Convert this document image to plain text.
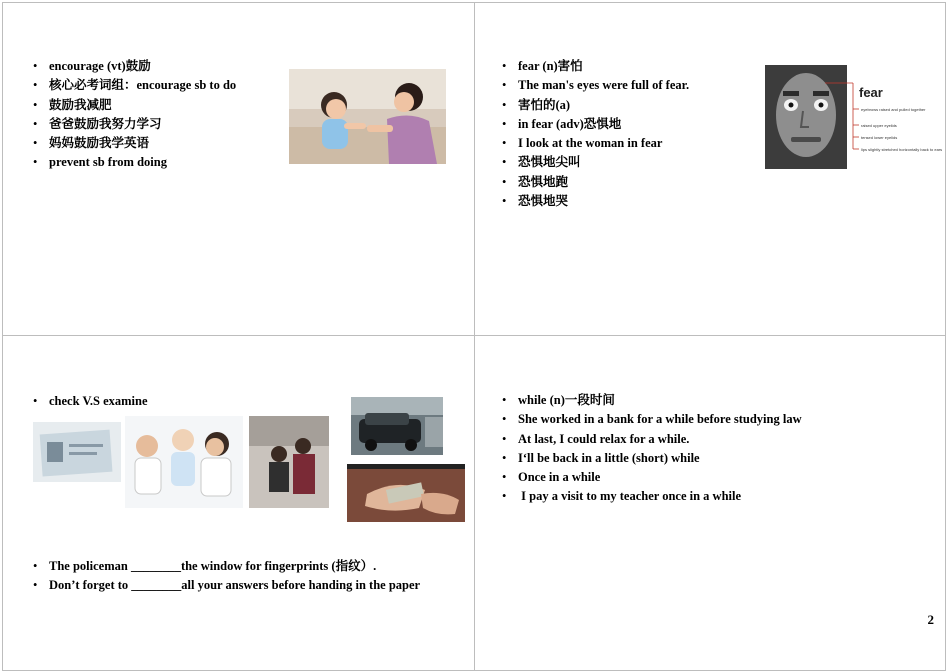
• encourage (vt)鼓励
• 核心必考词组：encourage sb to do
• 鼓励我减肥
• 爸爸鼓励我努力学习
• 妈妈鼓励我学英语
• prevent sb from doing
• fear (n)害怕
• The man's eyes were full of fear.
• 害怕的(a)
• in fear (adv)恐惧地
• I look at the woman in fear
• 恐惧地尖叫
• 恐惧地跑
• 恐惧地哭
fear
eyebrows raised and pulled together
raised upper eyelids
tensed lower eyelids
lips slightly stretched horizontally back to ears
• check V.S examine
• The policeman ________the window for fingerprints (指纹）.
• Don’t forget to ________all your answers before handing in the paper
• while (n)一段时间
• She worked in a bank for a while before studying law
• At last, I could relax for a while.
• I‘ll be back in a little (short) while
• Once in a while
•  I pay a visit to my teacher once in a while
2
